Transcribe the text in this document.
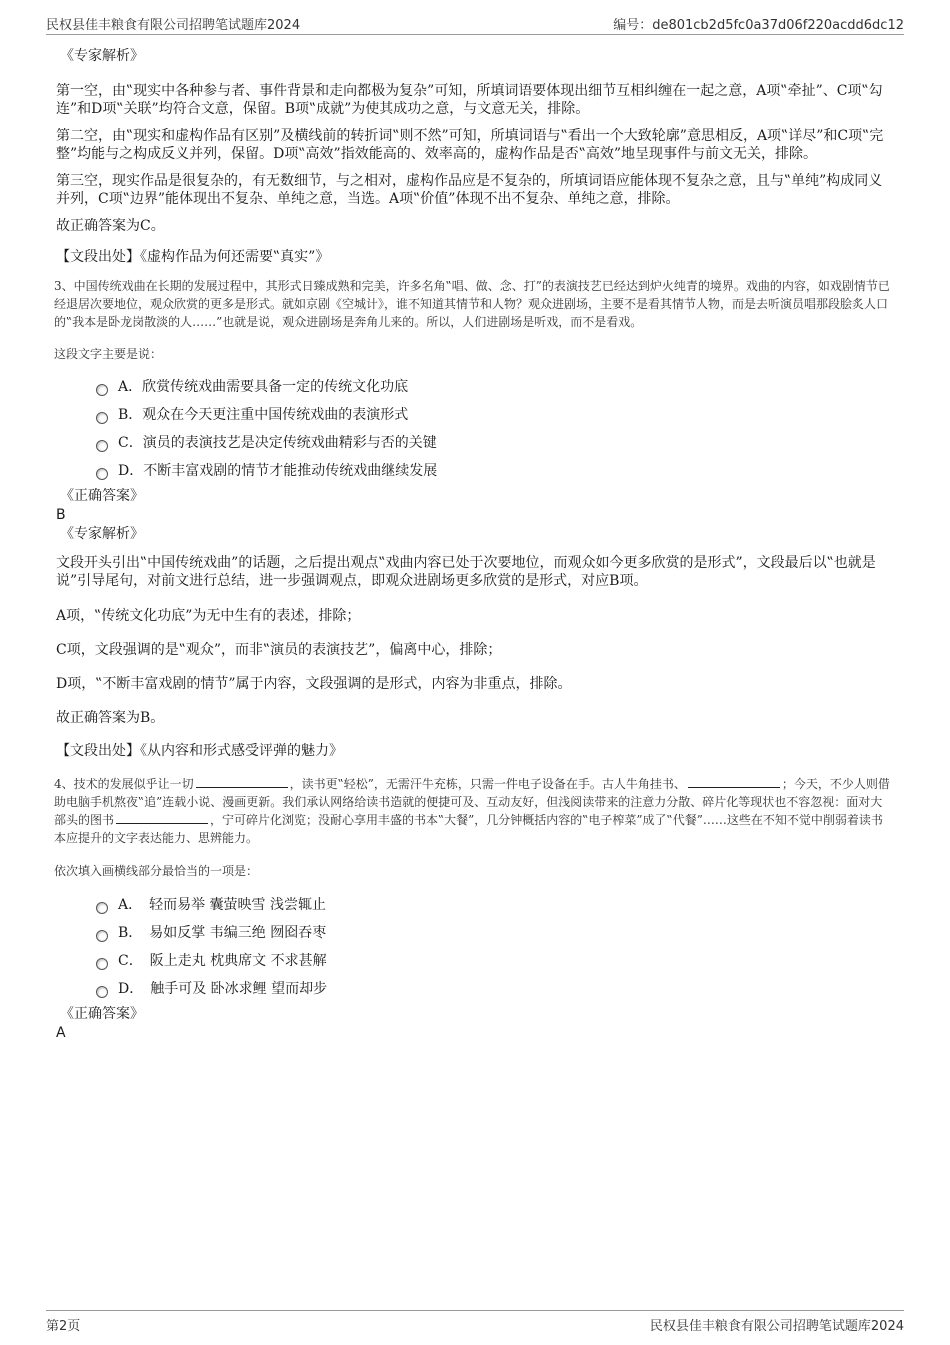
民权县佳丰粮食有限公司招聘笔试题库2024	编号：de801cb2d5fc0a37d06f220acdd6dc12

《专家解析》

第一空，由‟现实中各种参与者、事件背景和走向都极为复杂”可知，所填词语要体现出细节互相纠缠在一起之意，A项‟牵扯”、C项‟勾连”和D项‟关联”均符合文意，保留。B项‟成就”为使其成功之意，与文意无关，排除。

第二空，由‟现实和虚构作品有区别”及横线前的转折词‟则不然”可知，所填词语与‟看出一个大致轮廓”意思相反，A项‟详尽”和C项‟完整”均能与之构成反义并列，保留。D项‟高效”指效能高的、效率高的，虚构作品是否‟高效”地呈现事件与前文无关，排除。

第三空，现实作品是很复杂的，有无数细节，与之相对，虚构作品应是不复杂的，所填词语应能体现不复杂之意，且与‟单纯”构成同义并列，C项‟边界”能体现出不复杂、单纯之意，当选。A项‟价值”体现不出不复杂、单纯之意，排除。

故正确答案为C。

【文段出处】《虚构作品为何还需要‟真实”》

3、中国传统戏曲在长期的发展过程中，其形式日臻成熟和完美，许多名角‟唱、做、念、打”的表演技艺已经达到炉火纯青的境界。戏曲的内容，如戏剧情节已经退居次要地位，观众欣赏的更多是形式。就如京剧《空城计》，谁不知道其情节和人物？观众进剧场，主要不是看其情节人物，而是去听演员唱那段脍炙人口的‟我本是卧龙岗散淡的人……”也就是说，观众进剧场是奔角儿来的。所以，人们进剧场是听戏，而不是看戏。

这段文字主要是说：

A．欣赏传统戏曲需要具备一定的传统文化功底
B．观众在今天更注重中国传统戏曲的表演形式
C．演员的表演技艺是决定传统戏曲精彩与否的关键
D．不断丰富戏剧的情节才能推动传统戏曲继续发展

《正确答案》

B

《专家解析》

文段开头引出‟中国传统戏曲”的话题，之后提出观点‟戏曲内容已处于次要地位，而观众如今更多欣赏的是形式”，文段最后以‟也就是说”引导尾句，对前文进行总结，进一步强调观点，即观众进剧场更多欣赏的是形式，对应B项。

A项，‟传统文化功底”为无中生有的表述，排除；

C项，文段强调的是‟观众”，而非‟演员的表演技艺”，偏离中心，排除；

D项，‟不断丰富戏剧的情节”属于内容，文段强调的是形式，内容为非重点，排除。

故正确答案为B。

【文段出处】《从内容和形式感受评弹的魅力》

4、技术的发展似乎让一切	，读书更‟轻松”，无需汗牛充栋，只需一件电子设备在手。古人牛角挂书、	；今天，不少人则借助电脑手机熬夜‟追”连载小说、漫画更新。我们承认网络给读书造就的便捷可及、互动友好，但浅阅读带来的注意力分散、碎片化等现状也不容忽视：面对大部头的图书	，宁可碎片化浏览；没耐心享用丰盛的书本‟大餐”，几分钟概括内容的‟电子榨菜”成了‟代餐”……这些在不知不觉中削弱着读书本应提升的文字表达能力、思辨能力。

依次填入画横线部分最恰当的一项是：

A．　轻而易举 囊萤映雪 浅尝辄止
B．　易如反掌 韦编三绝 囫囵吞枣
C．　阪上走丸 枕典席文 不求甚解
D．　触手可及 卧冰求鲤 望而却步

《正确答案》

A

第2页	民权县佳丰粮食有限公司招聘笔试题库2024
